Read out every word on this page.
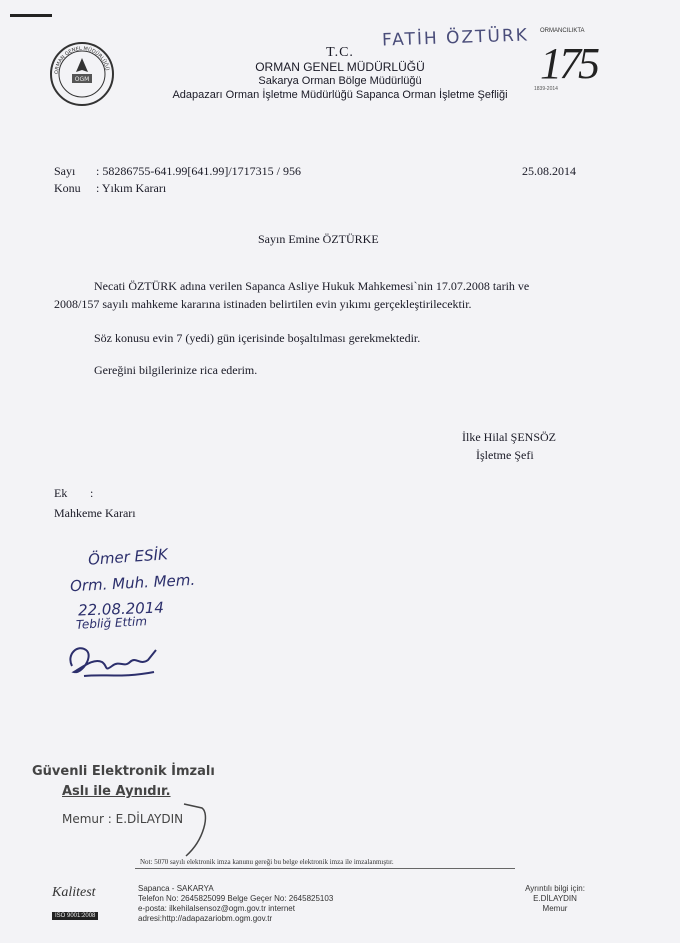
OGM
ORMAN GENEL MÜDÜRLÜĞÜ
FATİH ÖZTÜRK ORMANCILIKTA
175
1839-2014
T.C.
ORMAN GENEL MÜDÜRLÜĞÜ
Sakarya Orman Bölge Müdürlüğü
Adapazarı Orman İşletme Müdürlüğü Sapanca Orman İşletme Şefliği
Sayı : 58286755-641.99[641.99]/1717315 / 956	25.08.2014
Konu : Yıkım Kararı
Sayın Emine ÖZTÜRKE
Necati ÖZTÜRK adına verilen Sapanca Asliye Hukuk Mahkemesi`nin 17.07.2008 tarih ve
2008/157 sayılı mahkeme kararına istinaden belirtilen evin yıkımı gerçekleştirilecektir.
Söz konusu evin 7 (yedi) gün içerisinde boşaltılması gerekmektedir.
Gereğini bilgilerinize rica ederim.
İlke Hilal ŞENSÖZ
İşletme Şefi
Ek :
Mahkeme Kararı
Ömer ESİK
Orm. Muh. Mem.
22.08.2014
Tebliğ Ettim
Güvenli Elektronik İmzalı
Aslı ile Aynıdır.
Memur : E.DİLAYDIN
Not: 5070 sayılı elektronik imza kanunu gereği bu belge elektronik imza ile imzalanmıştır.
Kalitest
ISO 9001:2008
Sapanca - SAKARYA
Telefon No: 2645825099 Belge Geçer No: 2645825103
e-posta: ilkehilalsensoz@ogm.gov.tr internet
adresi:http://adapazariobm.ogm.gov.tr
Ayrıntılı bilgi için:
E.DİLAYDIN
Memur
